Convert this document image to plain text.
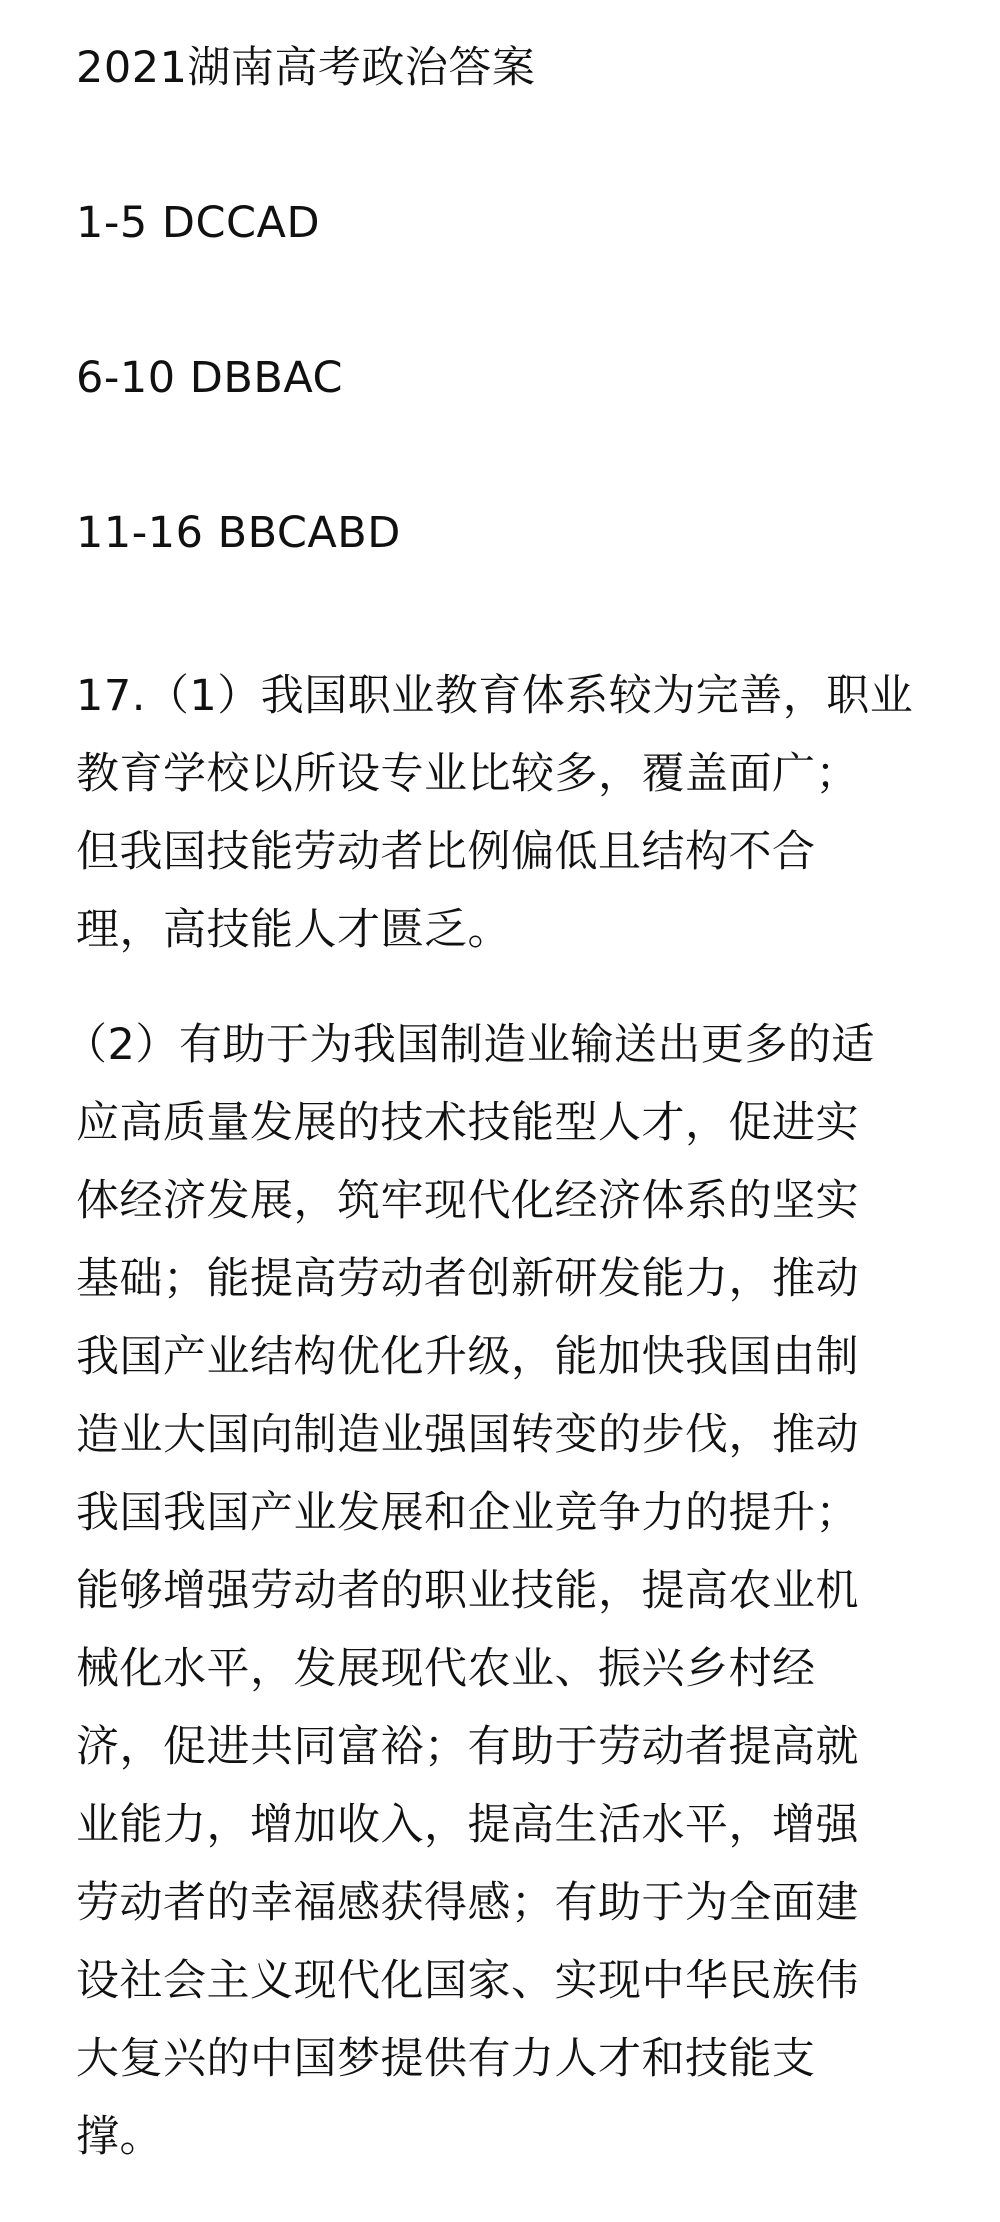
2021湖南高考政治答案

1-5 DCCAD

6-10 DBBAC

11-16 BBCABD

17.（1）我国职业教育体系较为完善，职业

教育学校以所设专业比较多，覆盖面广；

但我国技能劳动者比例偏低且结构不合

理，高技能人才匮乏。

（2）有助于为我国制造业输送出更多的适

应高质量发展的技术技能型人才，促进实

体经济发展，筑牢现代化经济体系的坚实

基础；能提高劳动者创新研发能力，推动

我国产业结构优化升级，能加快我国由制

造业大国向制造业强国转变的步伐，推动

我国我国产业发展和企业竞争力的提升；

能够增强劳动者的职业技能，提高农业机

械化水平，发展现代农业、振兴乡村经

济，促进共同富裕；有助于劳动者提高就

业能力，增加收入，提高生活水平，增强

劳动者的幸福感获得感；有助于为全面建

设社会主义现代化国家、实现中华民族伟

大复兴的中国梦提供有力人才和技能支

撑。
